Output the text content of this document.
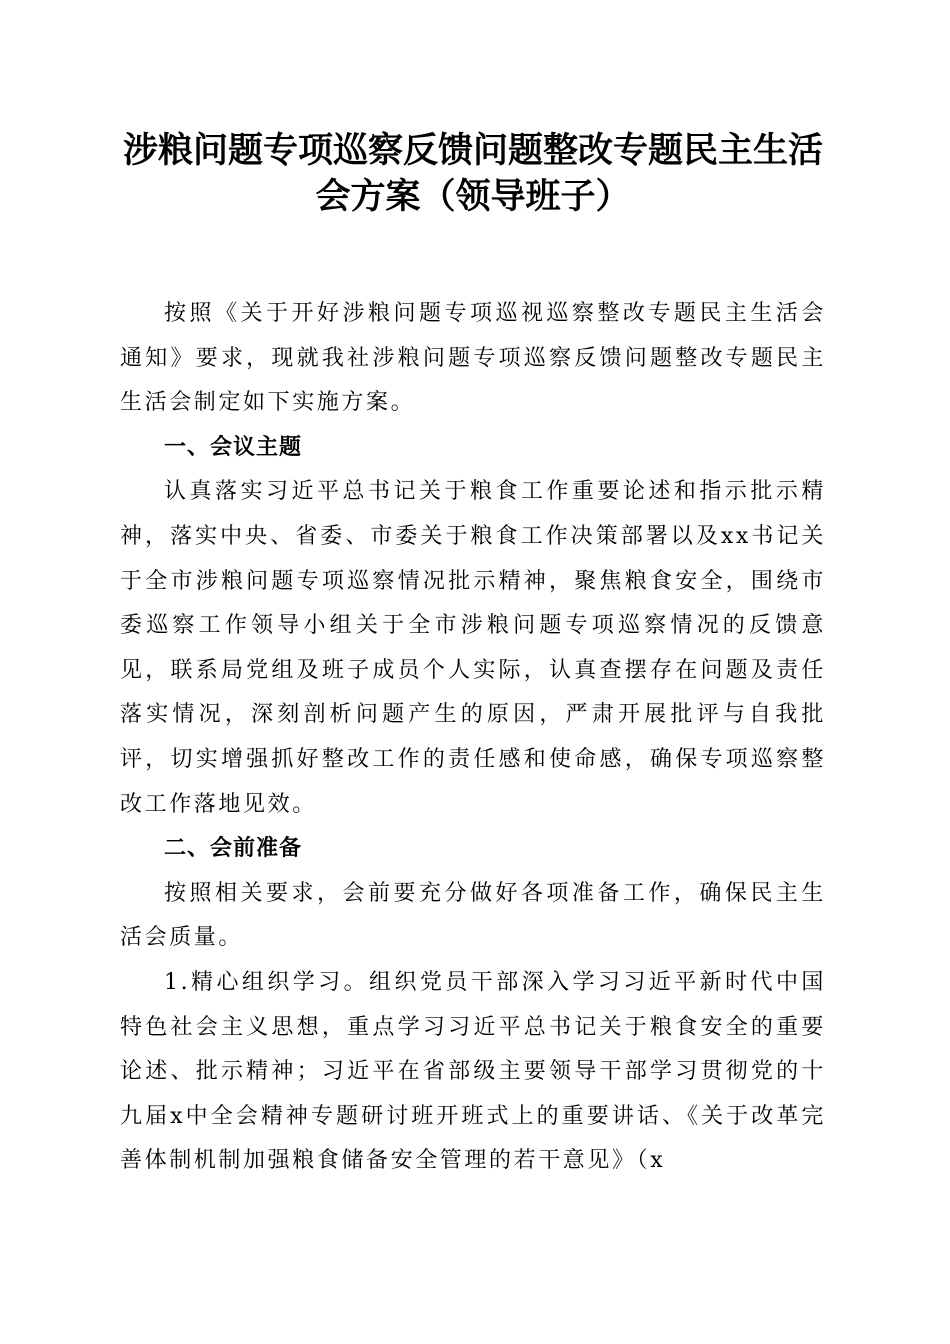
涉粮问题专项巡察反馈问题整改专题民主生活
会方案（领导班子）

按照《关于开好涉粮问题专项巡视巡察整改专题民主生活会通知》要求，现就我社涉粮问题专项巡察反馈问题整改专题民主生活会制定如下实施方案。

一、会议主题

认真落实习近平总书记关于粮食工作重要论述和指示批示精神，落实中央、省委、市委关于粮食工作决策部署以及xx书记关于全市涉粮问题专项巡察情况批示精神，聚焦粮食安全，围绕市委巡察工作领导小组关于全市涉粮问题专项巡察情况的反馈意见，联系局党组及班子成员个人实际，认真查摆存在问题及责任落实情况，深刻剖析问题产生的原因，严肃开展批评与自我批评，切实增强抓好整改工作的责任感和使命感，确保专项巡察整改工作落地见效。

二、会前准备

按照相关要求，会前要充分做好各项准备工作，确保民主生活会质量。

1.精心组织学习。组织党员干部深入学习习近平新时代中国特色社会主义思想，重点学习习近平总书记关于粮食安全的重要论述、批示精神；习近平在省部级主要领导干部学习贯彻党的十九届x中全会精神专题研讨班开班式上的重要讲话、《关于改革完善体制机制加强粮食储备安全管理的若干意见》（x
